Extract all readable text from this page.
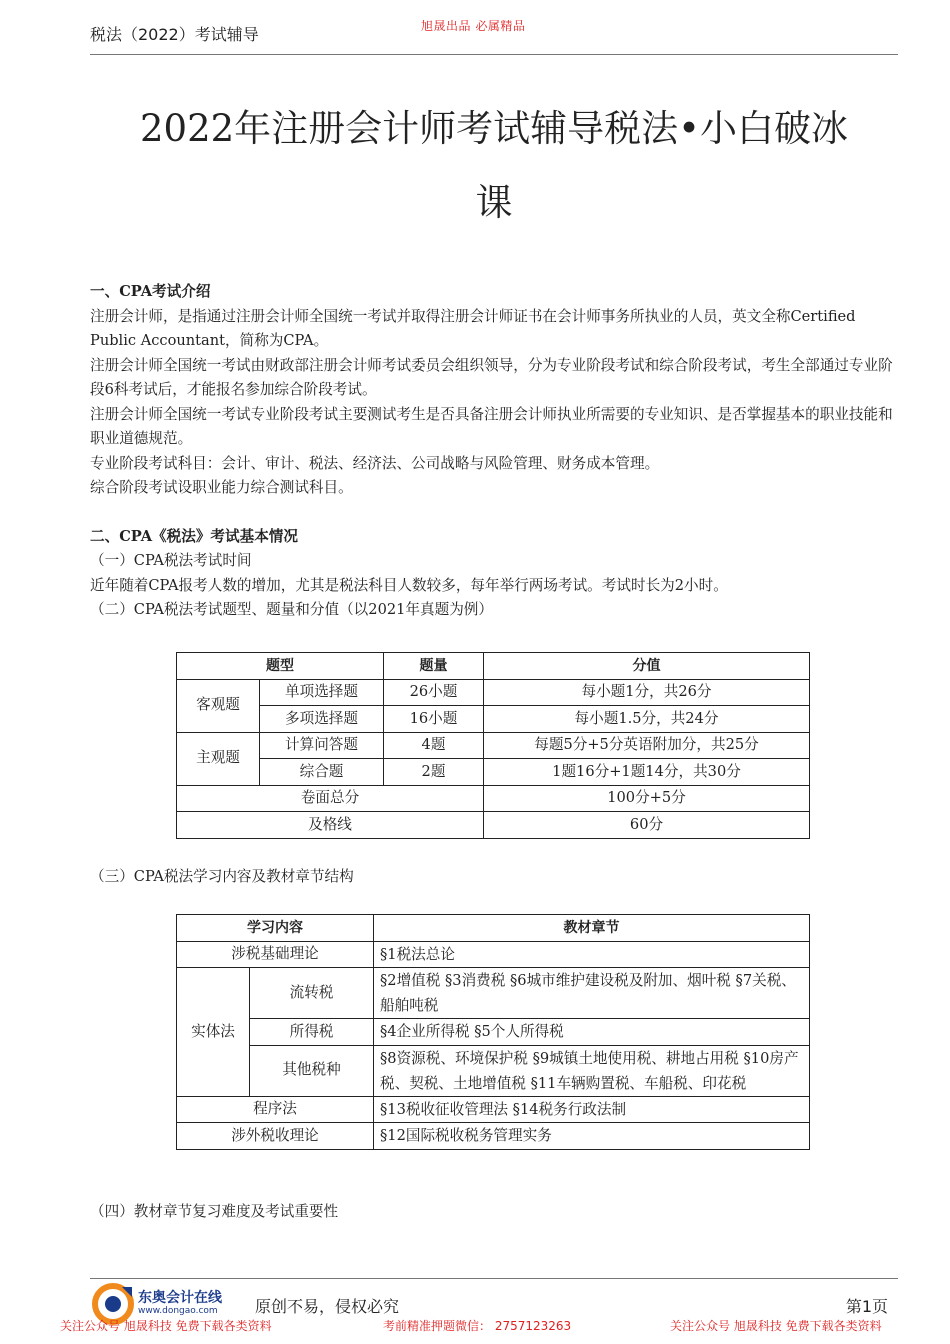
税法（2022）考试辅导	旭晟出品 必属精品
2022年注册会计师考试辅导税法•小白破冰
课

一、CPA考试介绍

注册会计师，是指通过注册会计师全国统一考试并取得注册会计师证书在会计师事务所执业的人员，英文全称Certified Public Accountant，简称为CPA。

注册会计师全国统一考试由财政部注册会计师考试委员会组织领导，分为专业阶段考试和综合阶段考试，考生全部通过专业阶段6科考试后，才能报名参加综合阶段考试。

注册会计师全国统一考试专业阶段考试主要测试考生是否具备注册会计师执业所需要的专业知识、是否掌握基本的职业技能和职业道德规范。

专业阶段考试科目：会计、审计、税法、经济法、公司战略与风险管理、财务成本管理。

综合阶段考试设职业能力综合测试科目。

二、CPA《税法》考试基本情况

（一）CPA税法考试时间

近年随着CPA报考人数的增加，尤其是税法科目人数较多，每年举行两场考试。考试时长为2小时。

（二）CPA税法考试题型、题量和分值（以2021年真题为例）

题型		题量	分值
客观题	单项选择题	26小题	每小题1分，共26分
	多项选择题	16小题	每小题1.5分，共24分
主观题	计算问答题	4题	每题5分+5分英语附加分，共25分
	综合题	2题	1题16分+1题14分，共30分
卷面总分			100分+5分
及格线			60分
（三）CPA税法学习内容及教材章节结构
学习内容		教材章节
涉税基础理论		§1税法总论
实体法	流转税	§2增值税 §3消费税 §6城市维护建设税及附加、烟叶税 §7关税、船舶吨税
	所得税	§4企业所得税 §5个人所得税
	其他税种	§8资源税、环境保护税 §9城镇土地使用税、耕地占用税 §10房产税、契税、土地增值税 §11车辆购置税、车船税、印花税
程序法		§13税收征收管理法 §14税务行政法制
涉外税收理论		§12国际税收税务管理实务
（四）教材章节复习难度及考试重要性
东奥会计在线
www.dongao.com 原创不易，侵权必究	第1页
关注公众号 旭晟科技 免费下载各类资料	考前精准押题微信： 2757123263	关注公众号 旭晟科技 免费下载各类资料
